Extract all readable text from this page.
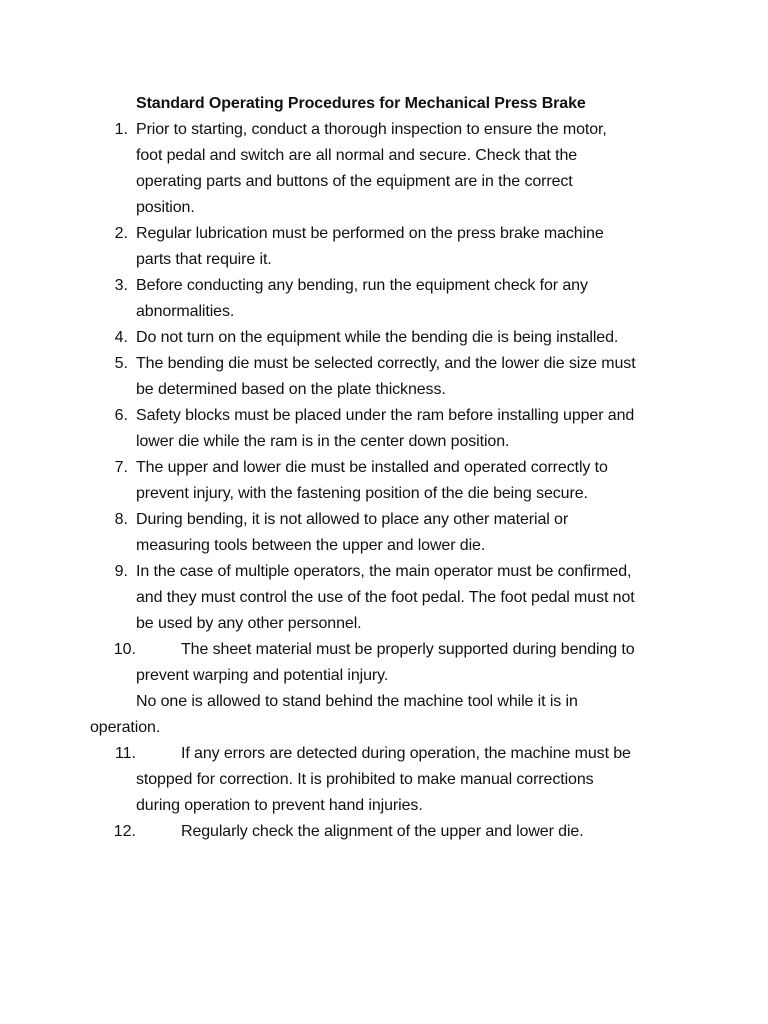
Standard Operating Procedures for Mechanical Press Brake
1. Prior to starting, conduct a thorough inspection to ensure the motor,
foot pedal and switch are all normal and secure. Check that the
operating parts and buttons of the equipment are in the correct
position.
2. Regular lubrication must be performed on the press brake machine
parts that require it.
3. Before conducting any bending, run the equipment check for any
abnormalities.
4. Do not turn on the equipment while the bending die is being installed.
5. The bending die must be selected correctly, and the lower die size must
be determined based on the plate thickness.
6. Safety blocks must be placed under the ram before installing upper and
lower die while the ram is in the center down position.
7. The upper and lower die must be installed and operated correctly to
prevent injury, with the fastening position of the die being secure.
8. During bending, it is not allowed to place any other material or
measuring tools between the upper and lower die.
9. In the case of multiple operators, the main operator must be confirmed,
and they must control the use of the foot pedal. The foot pedal must not
be used by any other personnel.
10.	The sheet material must be properly supported during bending to
prevent warping and potential injury.
No one is allowed to stand behind the machine tool while it is in
operation.
11.	If any errors are detected during operation, the machine must be
stopped for correction. It is prohibited to make manual corrections
during operation to prevent hand injuries.
12.	Regularly check the alignment of the upper and lower die.
